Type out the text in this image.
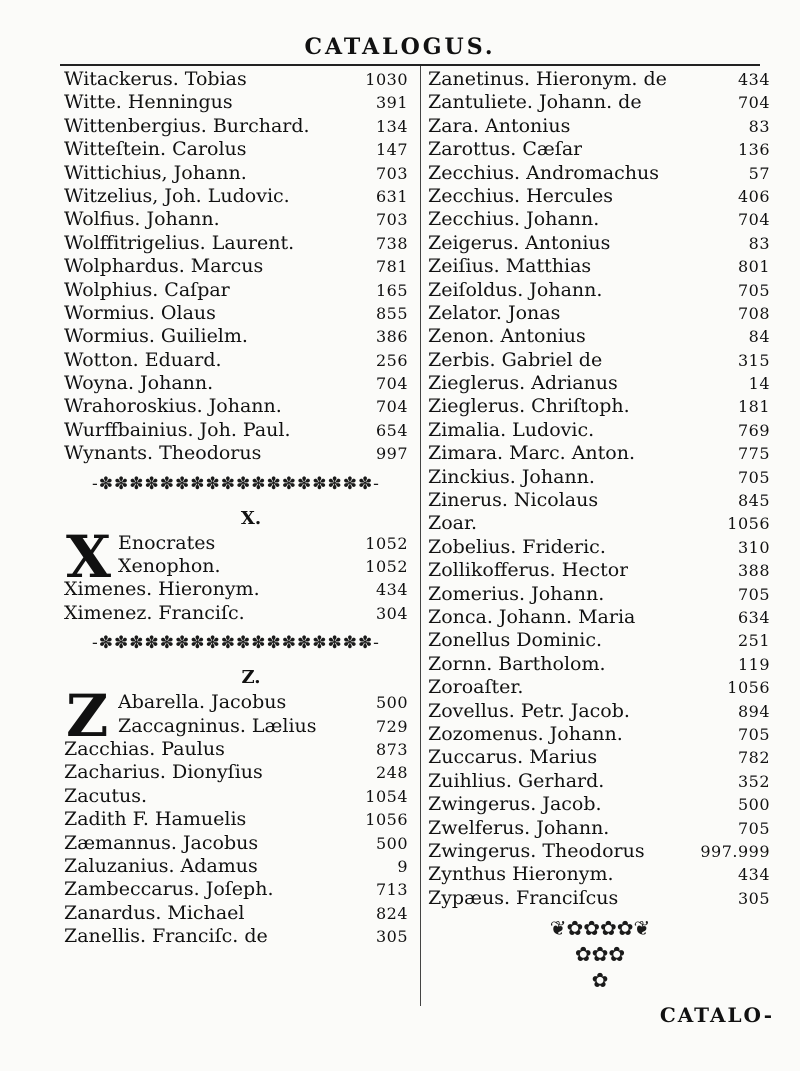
CATALOGUS.
Witackerus. Tobias	1030
Witte. Henningus	391
Wittenbergius. Burchard.	134
Witteſtein. Carolus	147
Wittichius, Johann.	703
Witzelius, Joh. Ludovic.	631
Wolfius. Johann.	703
Wolffitrigelius. Laurent.	738
Wolphardus. Marcus	781
Wolphius. Caſpar	165
Wormius. Olaus	855
Wormius. Guilielm.	386
Wotton. Eduard.	256
Woyna. Johann.	704
Wrahoroskius. Johann.	704
Wurffbainius. Joh. Paul.	654
Wynants. Theodorus	997
-✽✽✽✽✽✽✽✽✽✽✽✽✽✽✽✽✽✽-
X.
X Enocrates	1052
Xenophon.	1052
Ximenes. Hieronym.	434
Ximenez. Franciſc.	304
-✽✽✽✽✽✽✽✽✽✽✽✽✽✽✽✽✽✽-
Z.
Z Abarella. Jacobus	500
Zaccagninus. Lælius	729
Zacchias. Paulus	873
Zacharius. Dionyſius	248
Zacutus.	1054
Zadith F. Hamuelis	1056
Zæmannus. Jacobus	500
Zaluzanius. Adamus	9
Zambeccarus. Joſeph.	713
Zanardus. Michael	824
Zanellis. Franciſc. de	305
Zanetinus. Hieronym. de	434
Zantuliete. Johann. de	704
Zara. Antonius	83
Zarottus. Cæſar	136
Zecchius. Andromachus	57
Zecchius. Hercules	406
Zecchius. Johann.	704
Zeigerus. Antonius	83
Zeiſius. Matthias	801
Zeiſoldus. Johann.	705
Zelator. Jonas	708
Zenon. Antonius	84
Zerbis. Gabriel de	315
Zieglerus. Adrianus	14
Zieglerus. Chriſtoph.	181
Zimalia. Ludovic.	769
Zimara. Marc. Anton.	775
Zinckius. Johann.	705
Zinerus. Nicolaus	845
Zoar.	1056
Zobelius. Frideric.	310
Zollikofferus. Hector	388
Zomerius. Johann.	705
Zonca. Johann. Maria	634
Zonellus Dominic.	251
Zornn. Bartholom.	119
Zoroaſter.	1056
Zovellus. Petr. Jacob.	894
Zozomenus. Johann.	705
Zuccarus. Marius	782
Zuihlius. Gerhard.	352
Zwingerus. Jacob.	500
Zwelferus. Johann.	705
Zwingerus. Theodorus	997.999
Zynthus Hieronym.	434
Zypæus. Franciſcus	305
❦✿✿✿✿❦
✿✿✿
✿
CATALO-
